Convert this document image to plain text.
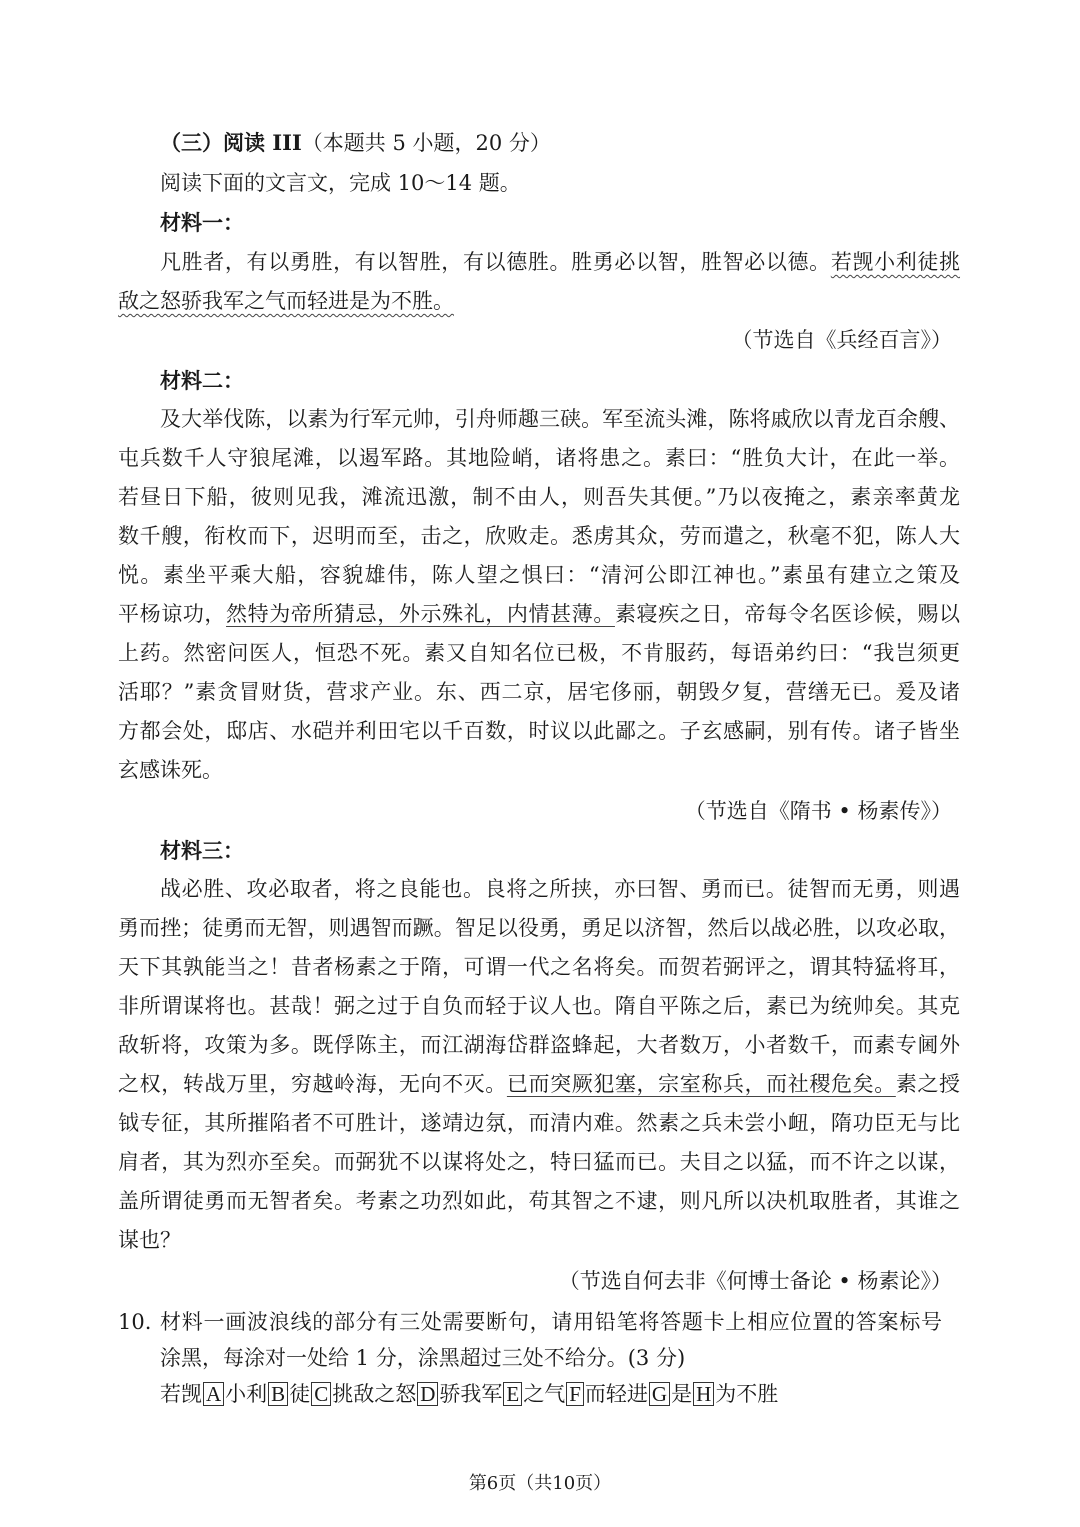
（三）阅读 III（本题共 5 小题，20 分）
阅读下面的文言文，完成 10～14 题。
材料一：
凡胜者，有以勇胜，有以智胜，有以德胜。胜勇必以智，胜智必以德。若觊小利徒挑
敌之怒骄我军之气而轻进是为不胜。
（节选自《兵经百言》）
材料二：
及大举伐陈，以素为行军元帅，引舟师趣三硖。军至流头滩，陈将戚欣以青龙百余艘、
屯兵数千人守狼尾滩，以遏军路。其地险峭，诸将患之。素曰：“胜负大计，在此一举。
若昼日下船，彼则见我，滩流迅激，制不由人，则吾失其便。”乃以夜掩之，素亲率黄龙
数千艘，衔枚而下，迟明而至，击之，欣败走。悉虏其众，劳而遣之，秋毫不犯，陈人大
悦。素坐平乘大船，容貌雄伟，陈人望之惧曰：“清河公即江神也。”素虽有建立之策及
平杨谅功，然特为帝所猜忌，外示殊礼，内情甚薄。素寝疾之日，帝每令名医诊候，赐以
上药。然密问医人，恒恐不死。素又自知名位已极，不肯服药，每语弟约曰：“我岂须更
活耶？”素贪冒财货，营求产业。东、西二京，居宅侈丽，朝毁夕复，营缮无已。爰及诸
方都会处，邸店、水硙并利田宅以千百数，时议以此鄙之。子玄感嗣，别有传。诸子皆坐
玄感诛死。
（节选自《隋书 • 杨素传》）
材料三：
战必胜、攻必取者，将之良能也。良将之所挟，亦曰智、勇而已。徒智而无勇，则遇
勇而挫；徒勇而无智，则遇智而蹶。智足以役勇，勇足以济智，然后以战必胜，以攻必取，
天下其孰能当之！昔者杨素之于隋，可谓一代之名将矣。而贺若弼评之，谓其特猛将耳，
非所谓谋将也。甚哉！弼之过于自负而轻于议人也。隋自平陈之后，素已为统帅矣。其克
敌斩将，攻策为多。既俘陈主，而江湖海岱群盗蜂起，大者数万，小者数千，而素专阃外
之权，转战万里，穷越岭海，无向不灭。已而突厥犯塞，宗室称兵，而社稷危矣。素之授
钺专征，其所摧陷者不可胜计，遂靖边氛，而清内难。然素之兵未尝小衄，隋功臣无与比
肩者，其为烈亦至矣。而弼犹不以谋将处之，特曰猛而已。夫目之以猛，而不许之以谋，
盖所谓徒勇而无智者矣。考素之功烈如此，苟其智之不逮，则凡所以决机取胜者，其谁之
谋也？
（节选自何去非《何博士备论 • 杨素论》）
10. 材料一画波浪线的部分有三处需要断句，请用铅笔将答题卡上相应位置的答案标号
涂黑，每涂对一处给 1 分，涂黑超过三处不给分。(3 分)
若觊 A 小利 B 徒 C 挑敌之怒 D 骄我军 E 之气 F 而轻进 G 是 H 为不胜
第6页（共10页）
